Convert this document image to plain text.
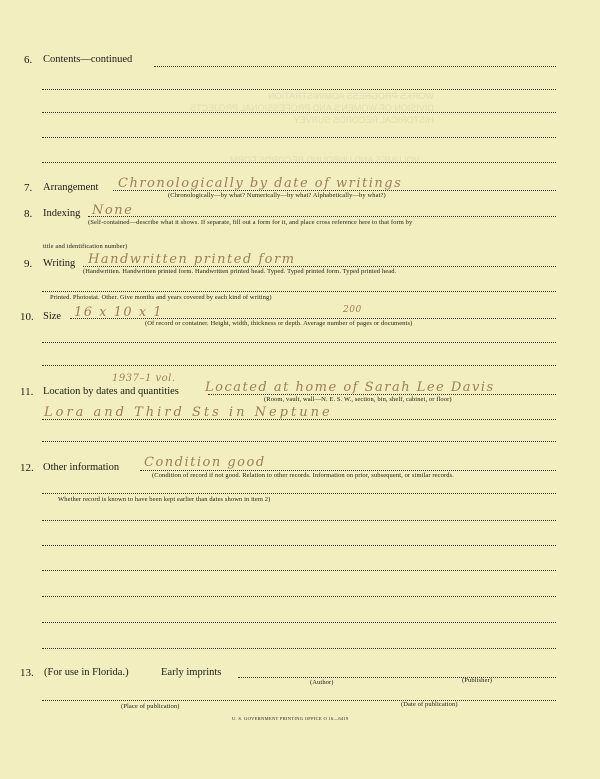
WORKS PROGRESS ADMINISTRATION
DIVISION OF WOMEN'S AND PROFESSIONAL PROJECTS
HISTORICAL RECORDS SURVEY
VOLUMES AND UNBOUND RECORDS FORM
6. Contents—continued
7. Arrangement Chronologically by date of writings
(Chronologically—by what? Numerically—by what? Alphabetically—by what?)
8. Indexing None
(Self-contained—describe what it shows. If separate, fill out a form for it, and place cross reference here to that form by
title and identification number)
9. Writing Handwritten printed form
(Handwritten. Handwritten printed form. Handwritten printed head. Typed. Typed printed form. Typed printed head.
Printed. Photostat. Other. Give months and years covered by each kind of writing)
10. Size 16 x 10 x 1	200
(Of record or container. Height, width, thickness or depth. Average number of pages or documents)
1937–1 vol.
11. Location by dates and quantities Located at home of Sarah Lee Davis
(Room, vault, wall—N. E. S. W., section, bin, shelf, cabinet, or floor)
Lora and Third Sts in Neptune
12. Other information Condition good
(Condition of record if not good. Relation to other records. Information on prior, subsequent, or similar records.
Whether record is known to have been kept earlier than dates shown in item 2)
13. (For use in Florida.)	Early imprints
(Author)	(Publisher)
(Place of publication)	(Date of publication)
U. S. GOVERNMENT PRINTING OFFICE O 16—6419
